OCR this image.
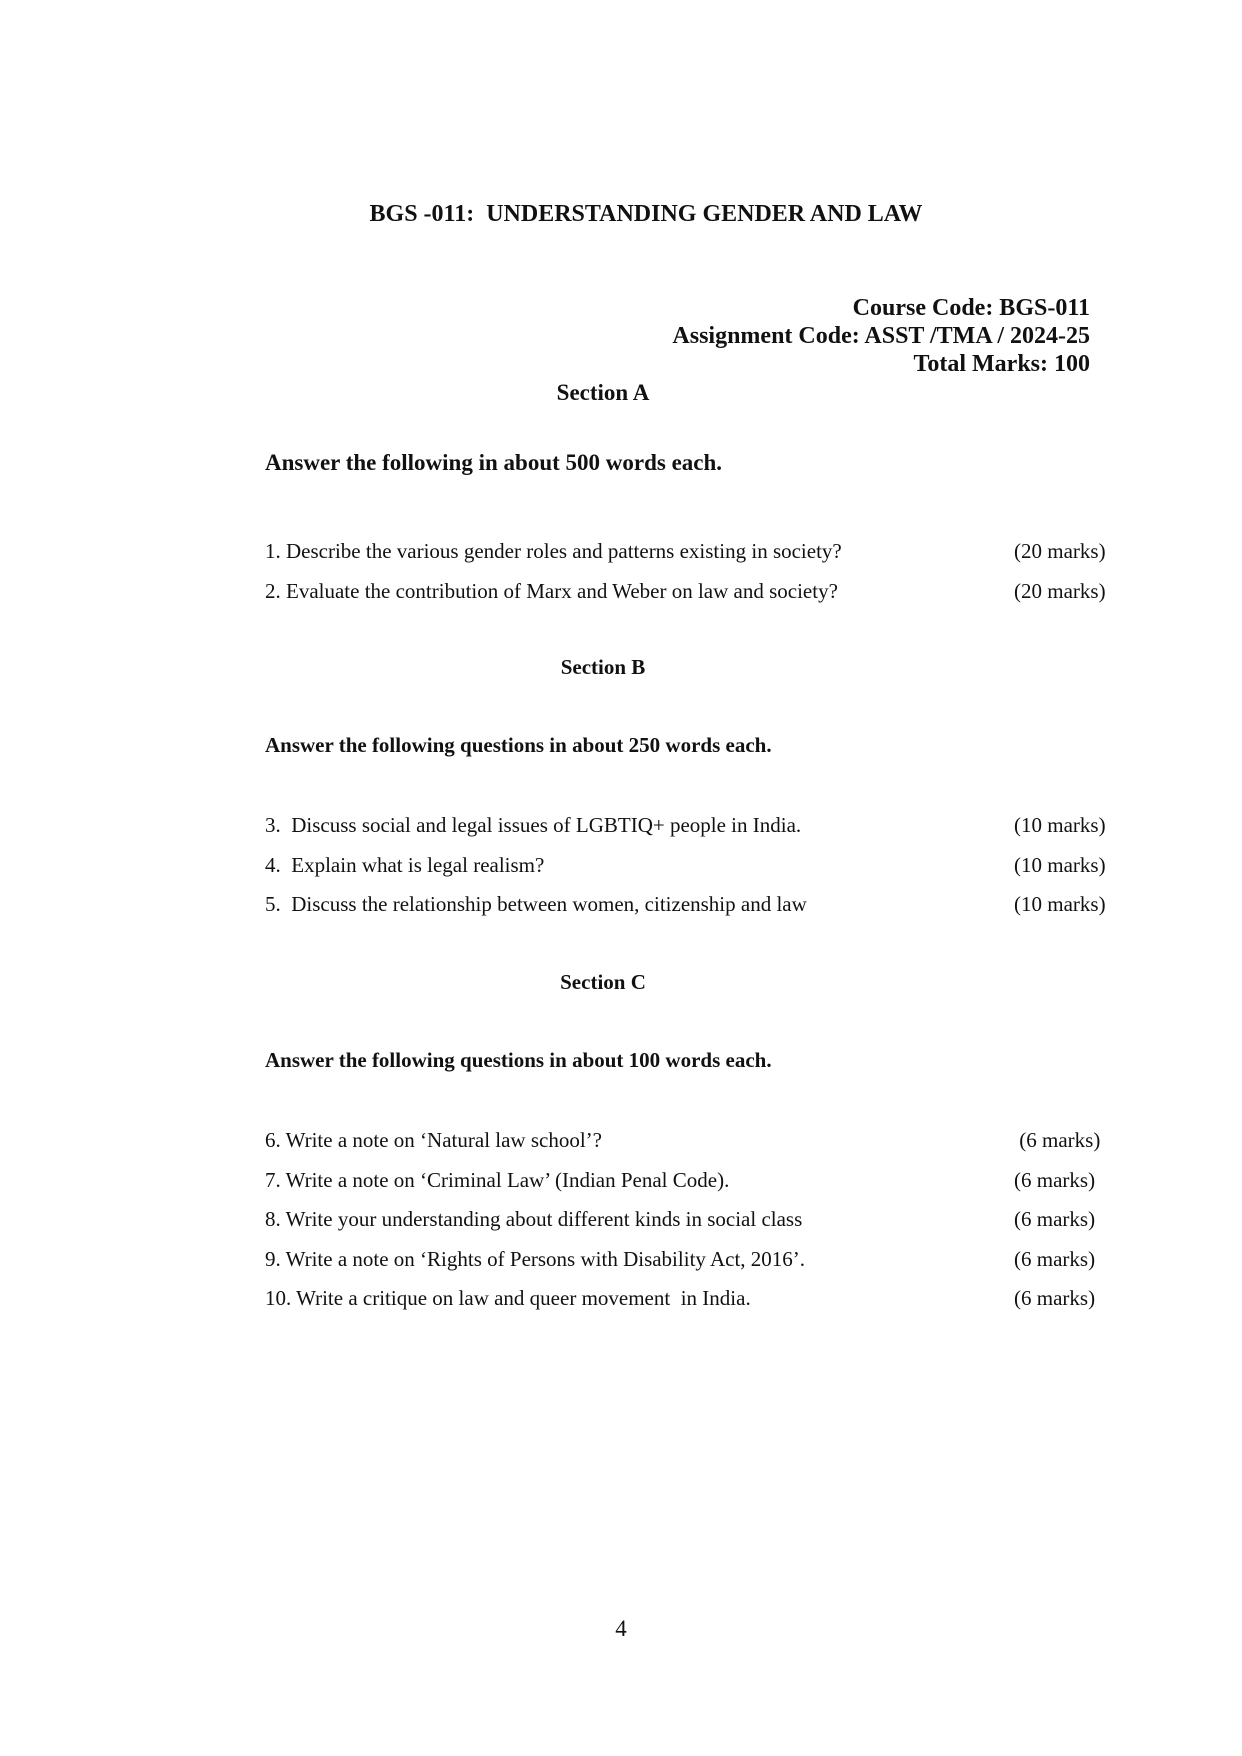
BGS -011:  UNDERSTANDING GENDER AND LAW
Course Code: BGS-011
Assignment Code: ASST /TMA / 2024-25
Total Marks: 100
Section A
Answer the following in about 500 words each.
1. Describe the various gender roles and patterns existing in society?	(20 marks)
2. Evaluate the contribution of Marx and Weber on law and society?	(20 marks)
Section B
Answer the following questions in about 250 words each.
3.  Discuss social and legal issues of LGBTIQ+ people in India.	(10 marks)
4.  Explain what is legal realism?	(10 marks)
5.  Discuss the relationship between women, citizenship and law	(10 marks)
Section C
Answer the following questions in about 100 words each.
6. Write a note on ‘Natural law school’?	(6 marks)
7. Write a note on ‘Criminal Law’ (Indian Penal Code).	(6 marks)
8. Write your understanding about different kinds in social class	(6 marks)
9. Write a note on ‘Rights of Persons with Disability Act, 2016’.	(6 marks)
10. Write a critique on law and queer movement  in India.	(6 marks)
4
